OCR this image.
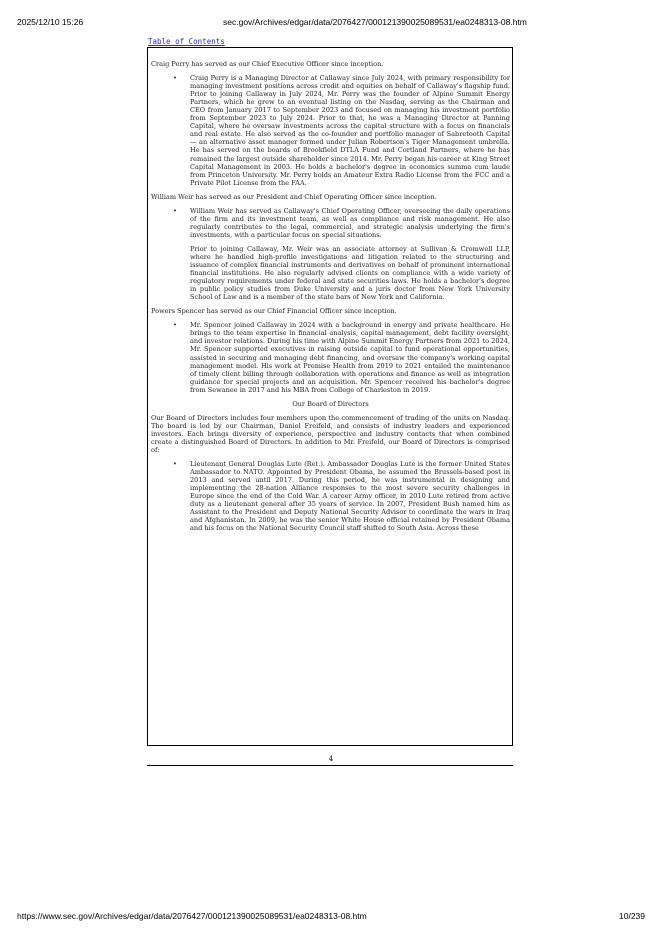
2025/12/10 15:26	sec.gov/Archives/edgar/data/2076427/000121390025089531/ea0248313-08.htm
Table of Contents

Craig Perry has served as our Chief Executive Officer since inception.

• Craig Perry is a Managing Director at Callaway since July 2024, with primary responsibility for managing investment positions across credit and equities on behalf of Callaway's flagship fund. Prior to joining Callaway in July 2024, Mr. Perry was the founder of Alpine Summit Energy Partners, which he grew to an eventual listing on the Nasdaq, serving as the Chairman and CEO from January 2017 to September 2023 and focused on managing his investment portfolio from September 2023 to July 2024. Prior to that, he was a Managing Director at Panning Capital, where he oversaw investments across the capital structure with a focus on financials and real estate. He also served as the co-founder and portfolio manager of Sabretooth Capital — an alternative asset manager formed under Julian Robertson's Tiger Management umbrella. He has served on the boards of Brookfield DTLA Fund and Cortland Partners, where he has remained the largest outside shareholder since 2014. Mr. Perry began his career at King Street Capital Management in 2003. He holds a bachelor's degree in economics summa cum laude from Princeton University. Mr. Perry holds an Amateur Extra Radio License from the FCC and a Private Pilot License from the FAA.

William Weir has served as our President and Chief Operating Officer since inception.

• William Weir has served as Callaway's Chief Operating Officer, overseeing the daily operations of the firm and its investment team, as well as compliance and risk management. He also regularly contributes to the legal, commercial, and strategic analysis underlying the firm's investments, with a particular focus on special situations.

Prior to joining Callaway, Mr. Weir was an associate attorney at Sullivan & Cromwell LLP, where he handled high-profile investigations and litigation related to the structuring and issuance of complex financial instruments and derivatives on behalf of prominent international financial institutions. He also regularly advised clients on compliance with a wide variety of regulatory requirements under federal and state securities laws. He holds a bachelor's degree in public policy studies from Duke University and a juris doctor from New York University School of Law and is a member of the state bars of New York and California.

Powers Spencer has served as our Chief Financial Officer since inception.

• Mr. Spencer joined Callaway in 2024 with a background in energy and private healthcare. He brings to the team expertise in financial analysis, capital management, debt facility oversight, and investor relations. During his time with Alpine Summit Energy Partners from 2021 to 2024, Mr. Spencer supported executives in raising outside capital to fund operational opportunities, assisted in securing and managing debt financing, and oversaw the company's working capital management model. His work at Premise Health from 2019 to 2021 entailed the maintenance of timely client billing through collaboration with operations and finance as well as integration guidance for special projects and an acquisition. Mr. Spencer received his bachelor's degree from Sewanee in 2017 and his MBA from College of Charleston in 2019.
Our Board of Directors

Our Board of Directors includes four members upon the commencement of trading of the units on Nasdaq. The board is led by our Chairman, Daniel Freifeld, and consists of industry leaders and experienced investors. Each brings diversity of experience, perspective and industry contacts that when combined create a distinguished Board of Directors. In addition to Mr. Freifeld, our Board of Directors is comprised of:

• Lieutenant General Douglas Lute (Ret.). Ambassador Douglas Lute is the former United States Ambassador to NATO. Appointed by President Obama, he assumed the Brussels-based post in 2013 and served until 2017. During this period, he was instrumental in designing and implementing the 28-nation Alliance responses to the most severe security challenges in Europe since the end of the Cold War. A career Army officer, in 2010 Lute retired from active duty as a lieutenant general after 35 years of service. In 2007, President Bush named him as Assistant to the President and Deputy National Security Advisor to coordinate the wars in Iraq and Afghanistan. In 2009, he was the senior White House official retained by President Obama and his focus on the National Security Council staff shifted to South Asia. Across these
4
https://www.sec.gov/Archives/edgar/data/2076427/000121390025089531/ea0248313-08.htm	10/239
